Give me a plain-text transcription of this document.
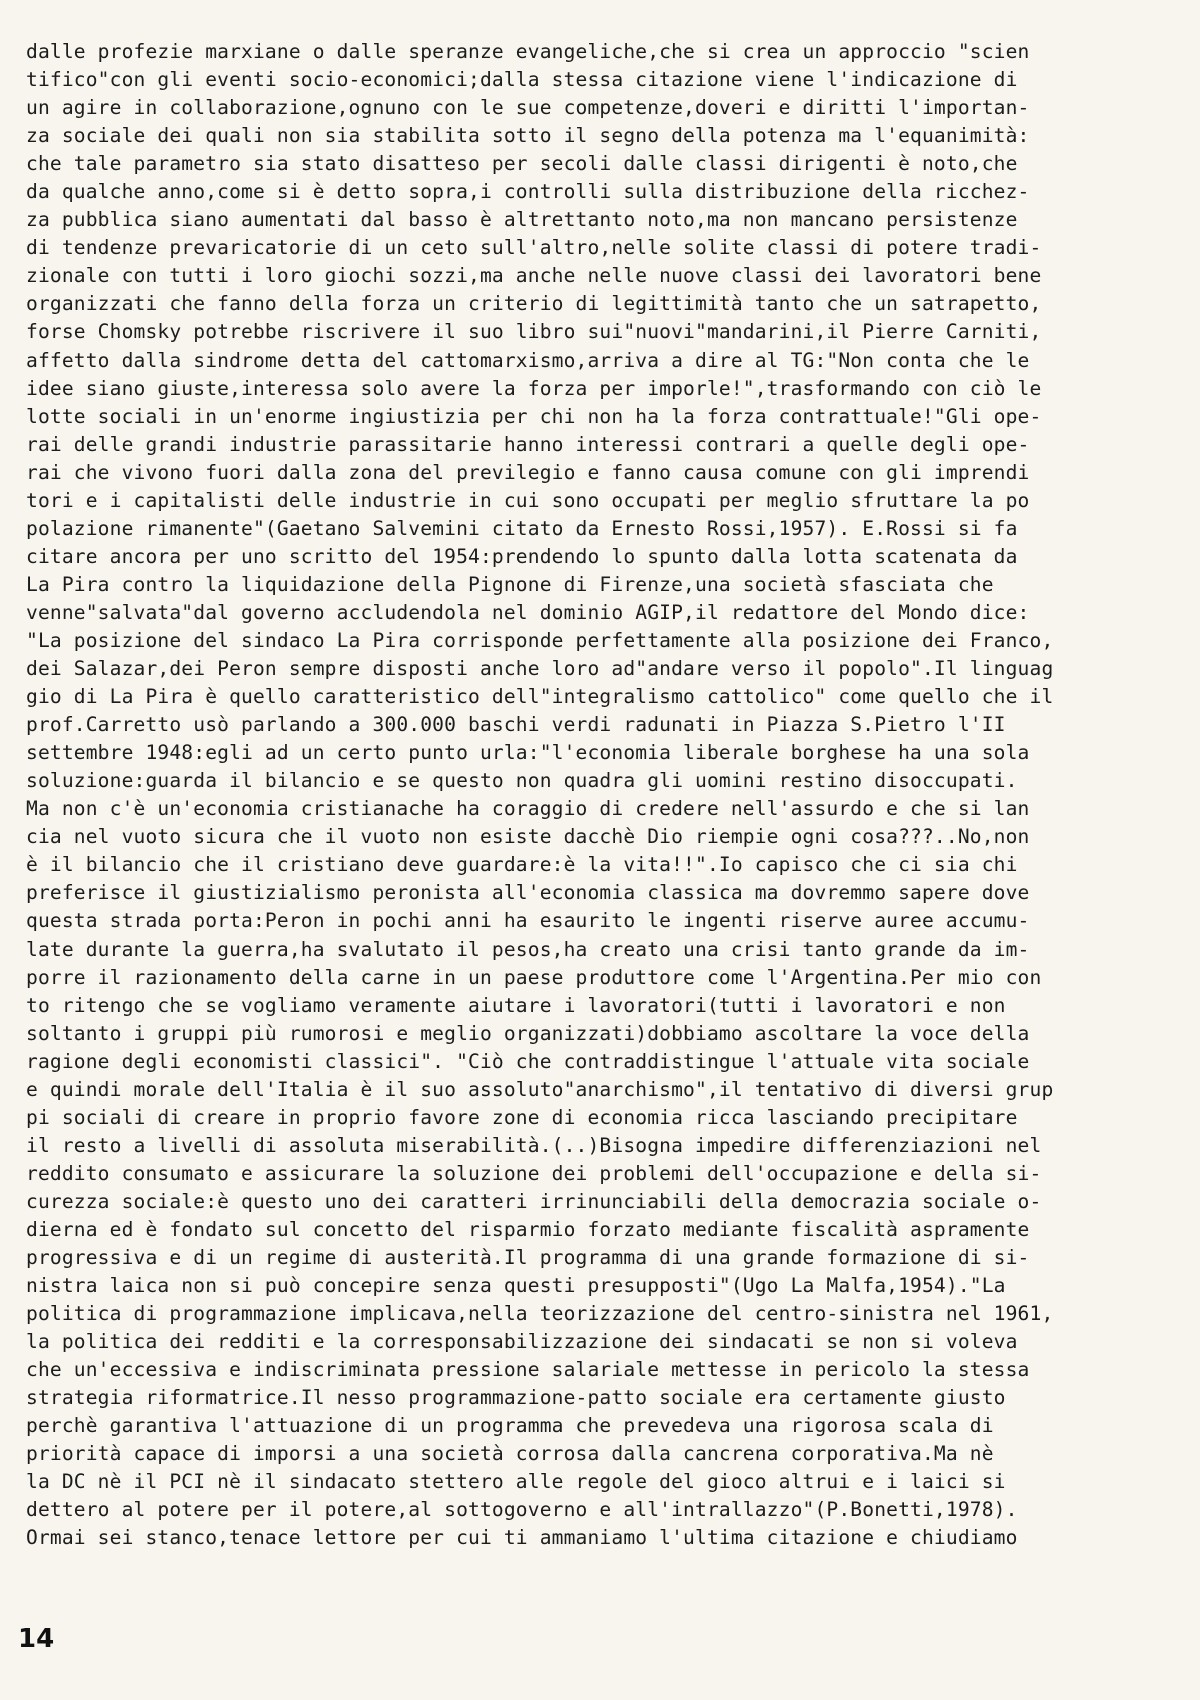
dalle profezie marxiane o dalle speranze evangeliche,che si crea un approccio "scien
tifico"con gli eventi socio-economici;dalla stessa citazione viene l'indicazione di
un agire in collaborazione,ognuno con le sue competenze,doveri e diritti l'importan-
za sociale dei quali non sia stabilita sotto il segno della potenza ma l'equanimità:
che tale parametro sia stato disatteso per secoli dalle classi dirigenti è noto,che
da qualche anno,come si è detto sopra,i controlli sulla distribuzione della ricchez-
za pubblica siano aumentati dal basso è altrettanto noto,ma non mancano persistenze
di tendenze prevaricatorie di un ceto sull'altro,nelle solite classi di potere tradi-
zionale con tutti i loro giochi sozzi,ma anche nelle nuove classi dei lavoratori bene
organizzati che fanno della forza un criterio di legittimità tanto che un satrapetto,
forse Chomsky potrebbe riscrivere il suo libro sui"nuovi"mandarini,il Pierre Carniti,
affetto dalla sindrome detta del cattomarxismo,arriva a dire al TG:"Non conta che le
idee siano giuste,interessa solo avere la forza per imporle!",trasformando con ciò le
lotte sociali in un'enorme ingiustizia per chi non ha la forza contrattuale!"Gli ope-
rai delle grandi industrie parassitarie hanno interessi contrari a quelle degli ope-
rai che vivono fuori dalla zona del previlegio e fanno causa comune con gli imprendi
tori e i capitalisti delle industrie in cui sono occupati per meglio sfruttare la po
polazione rimanente"(Gaetano Salvemini citato da Ernesto Rossi,1957). E.Rossi si fa
citare ancora per uno scritto del 1954:prendendo lo spunto dalla lotta scatenata da
La Pira contro la liquidazione della Pignone di Firenze,una società sfasciata che
venne"salvata"dal governo accludendola nel dominio AGIP,il redattore del Mondo dice:
"La posizione del sindaco La Pira corrisponde perfettamente alla posizione dei Franco,
dei Salazar,dei Peron sempre disposti anche loro ad"andare verso il popolo".Il linguag
gio di La Pira è quello caratteristico dell"integralismo cattolico" come quello che il
prof.Carretto usò parlando a 300.000 baschi verdi radunati in Piazza S.Pietro l'II
settembre 1948:egli ad un certo punto urla:"l'economia liberale borghese ha una sola
soluzione:guarda il bilancio e se questo non quadra gli uomini restino disoccupati.
Ma non c'è un'economia cristianache ha coraggio di credere nell'assurdo e che si lan
cia nel vuoto sicura che il vuoto non esiste dacchè Dio riempie ogni cosa???..No,non
è il bilancio che il cristiano deve guardare:è la vita!!".Io capisco che ci sia chi
preferisce il giustizialismo peronista all'economia classica ma dovremmo sapere dove
questa strada porta:Peron in pochi anni ha esaurito le ingenti riserve auree accumu-
late durante la guerra,ha svalutato il pesos,ha creato una crisi tanto grande da im-
porre il razionamento della carne in un paese produttore come l'Argentina.Per mio con
to ritengo che se vogliamo veramente aiutare i lavoratori(tutti i lavoratori e non
soltanto i gruppi più rumorosi e meglio organizzati)dobbiamo ascoltare la voce della
ragione degli economisti classici". "Ciò che contraddistingue l'attuale vita sociale
e quindi morale dell'Italia è il suo assoluto"anarchismo",il tentativo di diversi grup
pi sociali di creare in proprio favore zone di economia ricca lasciando precipitare
il resto a livelli di assoluta miserabilità.(..)Bisogna impedire differenziazioni nel
reddito consumato e assicurare la soluzione dei problemi dell'occupazione e della si-
curezza sociale:è questo uno dei caratteri irrinunciabili della democrazia sociale o-
dierna ed è fondato sul concetto del risparmio forzato mediante fiscalità aspramente
progressiva e di un regime di austerità.Il programma di una grande formazione di si-
nistra laica non si può concepire senza questi presupposti"(Ugo La Malfa,1954)."La
politica di programmazione implicava,nella teorizzazione del centro-sinistra nel 1961,
la politica dei redditi e la corresponsabilizzazione dei sindacati se non si voleva
che un'eccessiva e indiscriminata pressione salariale mettesse in pericolo la stessa
strategia riformatrice.Il nesso programmazione-patto sociale era certamente giusto
perchè garantiva l'attuazione di un programma che prevedeva una rigorosa scala di
priorità capace di imporsi a una società corrosa dalla cancrena corporativa.Ma nè
la DC nè il PCI nè il sindacato stettero alle regole del gioco altrui e i laici si
dettero al potere per il potere,al sottogoverno e all'intrallazzo"(P.Bonetti,1978).
Ormai sei stanco,tenace lettore per cui ti ammaniamo l'ultima citazione e chiudiamo
14
